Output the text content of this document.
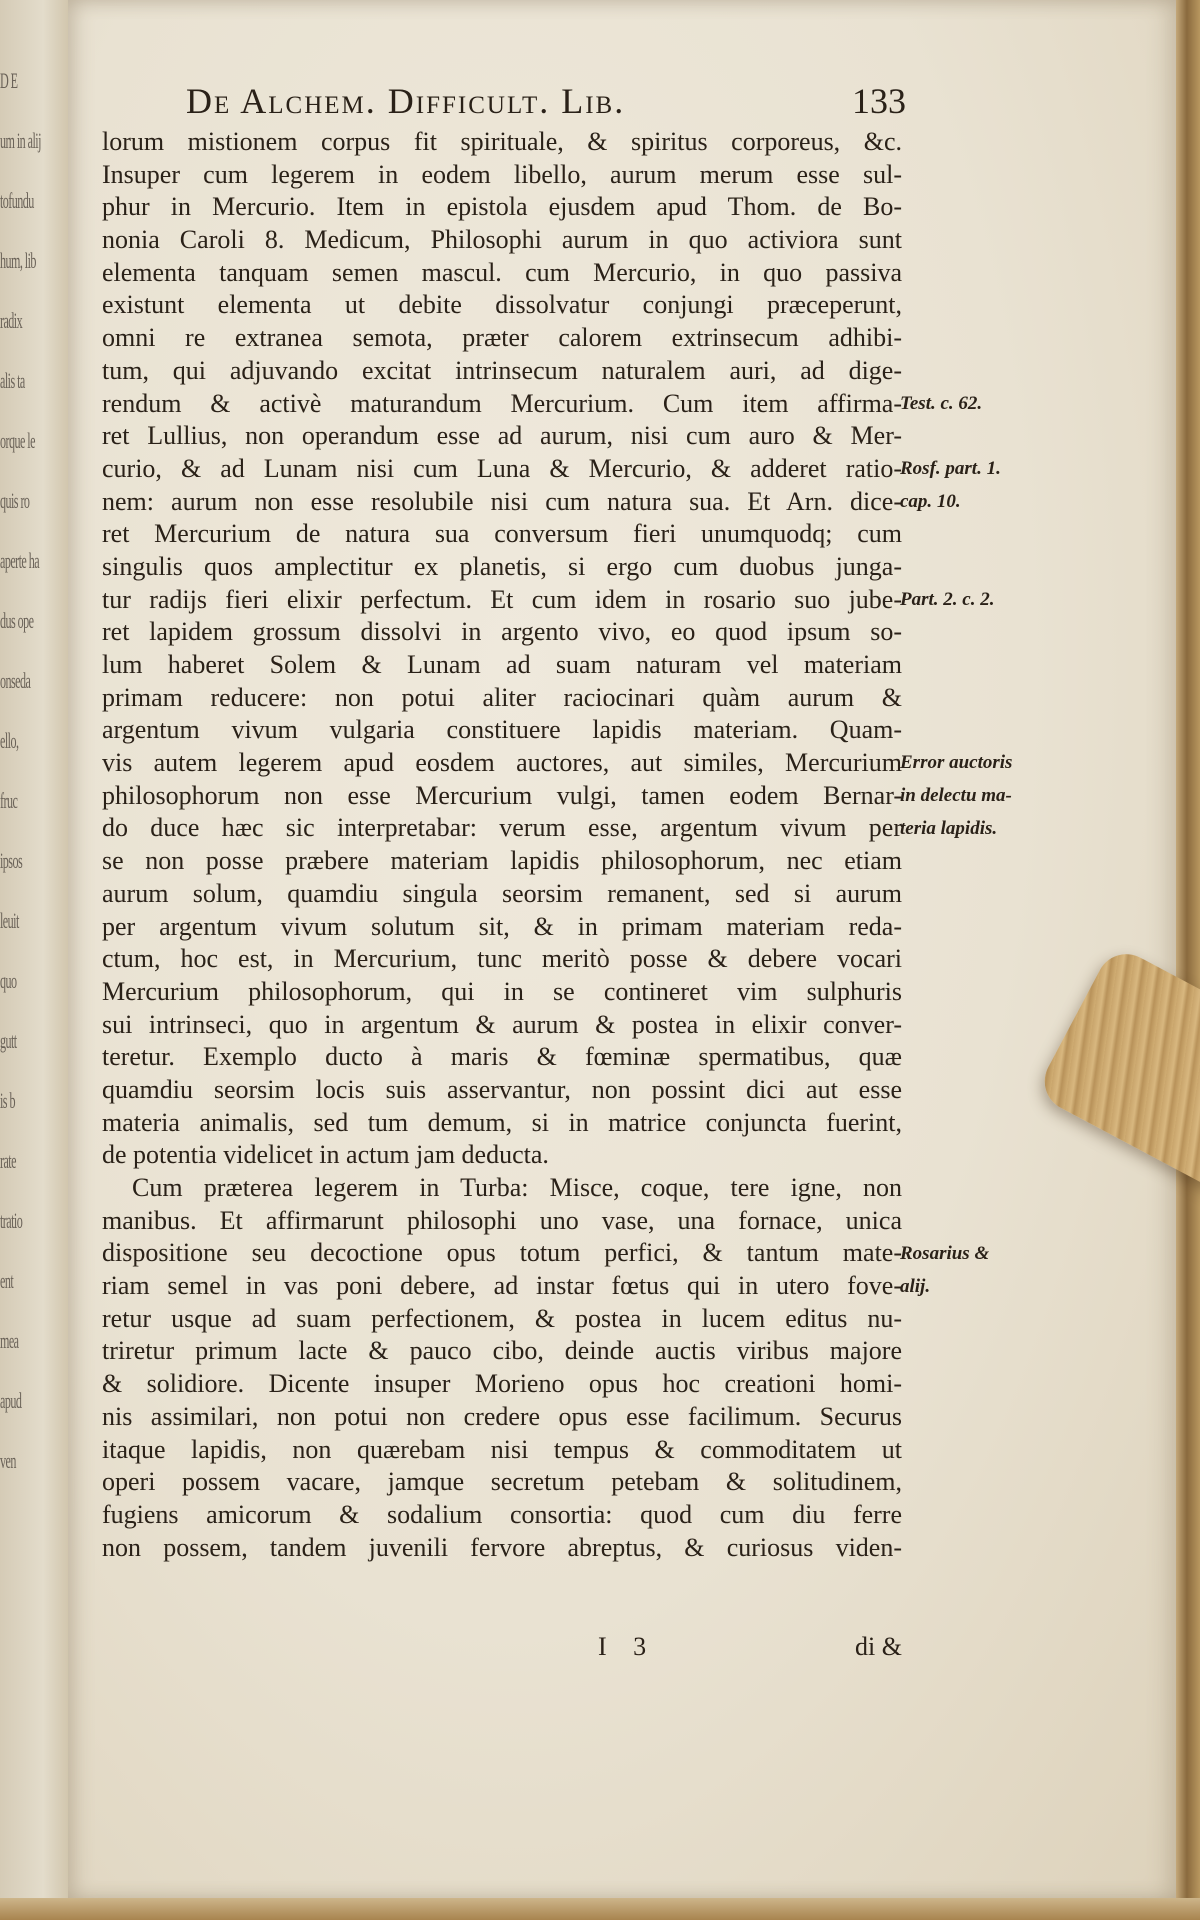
D E
um in alij
tofundu
hum, lib
radix
alis ta
orque le
quis ro
aperte ha
dus ope
onseda
ello,
fruc
ipsos
leuit
quo
gutt
is b
rate
tratio
ent
mea
apud
ven
De Alchem. Difficult. Lib.	133
lorum mistionem corpus fit spirituale, & spiritus corporeus, &c.
Insuper cum legerem in eodem libello, aurum merum esse sul-
phur in Mercurio. Item in epistola ejusdem apud Thom. de Bo-
nonia Caroli 8. Medicum, Philosophi aurum in quo activiora sunt
elementa tanquam semen mascul. cum Mercurio, in quo passiva
existunt elementa ut debite dissolvatur conjungi præceperunt,
omni re extranea semota, præter calorem extrinsecum adhibi-
tum, qui adjuvando excitat intrinsecum naturalem auri, ad dige-
rendum & activè maturandum Mercurium. Cum item affirma-
ret Lullius, non operandum esse ad aurum, nisi cum auro & Mer-
curio, & ad Lunam nisi cum Luna & Mercurio, & adderet ratio-
nem: aurum non esse resolubile nisi cum natura sua. Et Arn. dice-
ret Mercurium de natura sua conversum fieri unumquodq; cum
singulis quos amplectitur ex planetis, si ergo cum duobus junga-
tur radijs fieri elixir perfectum. Et cum idem in rosario suo jube-
ret lapidem grossum dissolvi in argento vivo, eo quod ipsum so-
lum haberet Solem & Lunam ad suam naturam vel materiam
primam reducere: non potui aliter raciocinari quàm aurum &
argentum vivum vulgaria constituere lapidis materiam. Quam-
vis autem legerem apud eosdem auctores, aut similes, Mercurium
philosophorum non esse Mercurium vulgi, tamen eodem Bernar-
do duce hæc sic interpretabar: verum esse, argentum vivum per
se non posse præbere materiam lapidis philosophorum, nec etiam
aurum solum, quamdiu singula seorsim remanent, sed si aurum
per argentum vivum solutum sit, & in primam materiam reda-
ctum, hoc est, in Mercurium, tunc meritò posse & debere vocari
Mercurium philosophorum, qui in se contineret vim sulphuris
sui intrinseci, quo in argentum & aurum & postea in elixir conver-
teretur. Exemplo ducto à maris & fœminæ spermatibus, quæ
quamdiu seorsim locis suis asservantur, non possint dici aut esse
materia animalis, sed tum demum, si in matrice conjuncta fuerint,
de potentia videlicet in actum jam deducta.
Cum præterea legerem in Turba: Misce, coque, tere igne, non
manibus. Et affirmarunt philosophi uno vase, una fornace, unica
dispositione seu decoctione opus totum perfici, & tantum mate-
riam semel in vas poni debere, ad instar fœtus qui in utero fove-
retur usque ad suam perfectionem, & postea in lucem editus nu-
triretur primum lacte & pauco cibo, deinde auctis viribus majore
& solidiore. Dicente insuper Morieno opus hoc creationi homi-
nis assimilari, non potui non credere opus esse facilimum. Securus
itaque lapidis, non quærebam nisi tempus & commoditatem ut
operi possem vacare, jamque secretum petebam & solitudinem,
fugiens amicorum & sodalium consortia: quod cum diu ferre
non possem, tandem juvenili fervore abreptus, & curiosus viden-
Test. c. 62.
Rosf. part. 1.
cap. 10.
Part. 2. c. 2.
Error auctoris
in delectu ma-
teria lapidis.
Rosarius &
alij.
I 3	di &
